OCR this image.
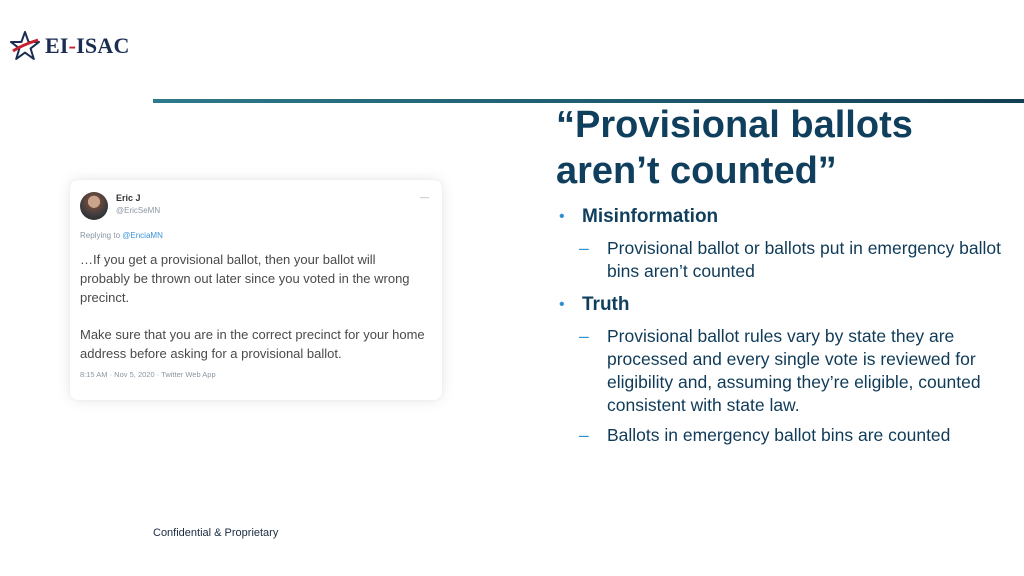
EI-ISAC
Eric J
@EricSeMN
—
Replying to @EnciaMN

…If you get a provisional ballot, then your ballot will probably be thrown out later since you voted in the wrong precinct.

Make sure that you are in the correct precinct for your home address before asking for a provisional ballot.

8:15 AM · Nov 5, 2020 · Twitter Web App
“Provisional ballots aren’t counted”
• Misinformation
– Provisional ballot or ballots put in emergency ballot bins aren’t counted
• Truth
– Provisional ballot rules vary by state they are processed and every single vote is reviewed for eligibility and, assuming they’re eligible, counted consistent with state law.
– Ballots in emergency ballot bins are counted
Confidential & Proprietary
